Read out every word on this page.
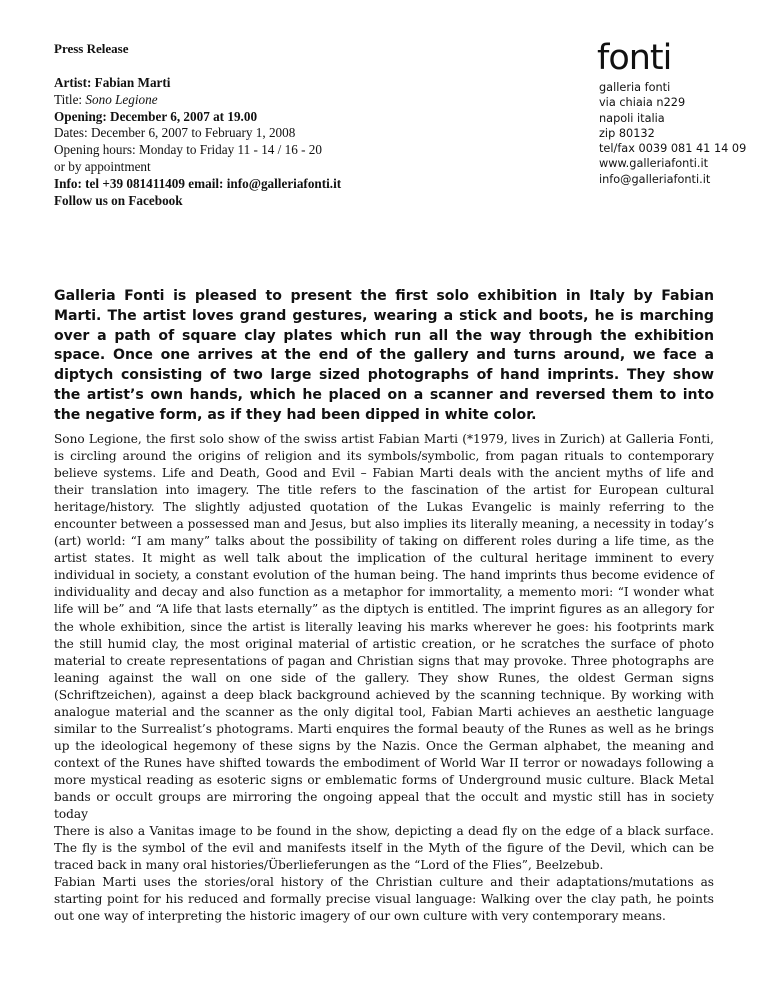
Press Release
Artist: Fabian Marti
Title: Sono Legione
Opening: December 6, 2007 at 19.00
Dates: December 6, 2007 to February 1, 2008
Opening hours: Monday to Friday 11 - 14 / 16 - 20
or by appointment
Info: tel +39 081411409 email: info@galleriafonti.it
Follow us on Facebook
fonti
galleria fonti
via chiaia n229
napoli italia
zip 80132
tel/fax 0039 081 41 14 09
www.galleriafonti.it
info@galleriafonti.it
Galleria Fonti is pleased to present the first solo exhibition in Italy by Fabian Marti. The artist loves grand gestures, wearing a stick and boots, he is marching over a path of square clay plates which run all the way through the exhibition space. Once one arrives at the end of the gallery and turns around, we face a diptych consisting of two large sized photographs of hand imprints. They show the artist’s own hands, which he placed on a scanner and reversed them to into the negative form, as if they had been dipped in white color.

Sono Legione, the first solo show of the swiss artist Fabian Marti (*1979, lives in Zurich) at Galleria Fonti, is circling around the origins of religion and its symbols/symbolic, from pagan rituals to contemporary believe systems. Life and Death, Good and Evil – Fabian Marti deals with the ancient myths of life and their translation into imagery. The title refers to the fascination of the artist for European cultural heritage/history. The slightly adjusted quotation of the Lukas Evangelic is mainly referring to the encounter between a possessed man and Jesus, but also implies its literally meaning, a necessity in today’s (art) world: “I am many” talks about the possibility of taking on different roles during a life time, as the artist states. It might as well talk about the implication of the cultural heritage imminent to every individual in society, a constant evolution of the human being. The hand imprints thus become evidence of individuality and decay and also function as a metaphor for immortality, a memento mori: “I wonder what life will be” and “A life that lasts eternally” as the diptych is entitled. The imprint figures as an allegory for the whole exhibition, since the artist is literally leaving his marks wherever he goes: his footprints mark the still humid clay, the most original material of artistic creation, or he scratches the surface of photo material to create representations of pagan and Christian signs that may provoke. Three photographs are leaning against the wall on one side of the gallery. They show Runes, the oldest German signs (Schriftzeichen), against a deep black background achieved by the scanning technique. By working with analogue material and the scanner as the only digital tool, Fabian Marti achieves an aesthetic language similar to the Surrealist’s photograms. Marti enquires the formal beauty of the Runes as well as he brings up the ideological hegemony of these signs by the Nazis. Once the German alphabet, the meaning and context of the Runes have shifted towards the embodiment of World War II terror or nowadays following a more mystical reading as esoteric signs or emblematic forms of Underground music culture. Black Metal bands or occult groups are mirroring the ongoing appeal that the occult and mystic still has in society today

There is also a Vanitas image to be found in the show, depicting a dead fly on the edge of a black surface. The fly is the symbol of the evil and manifests itself in the Myth of the figure of the Devil, which can be traced back in many oral histories/Überlieferungen as the “Lord of the Flies”, Beelzebub.

Fabian Marti uses the stories/oral history of the Christian culture and their adaptations/mutations as starting point for his reduced and formally precise visual language: Walking over the clay path, he points out one way of interpreting the historic imagery of our own culture with very contemporary means.
